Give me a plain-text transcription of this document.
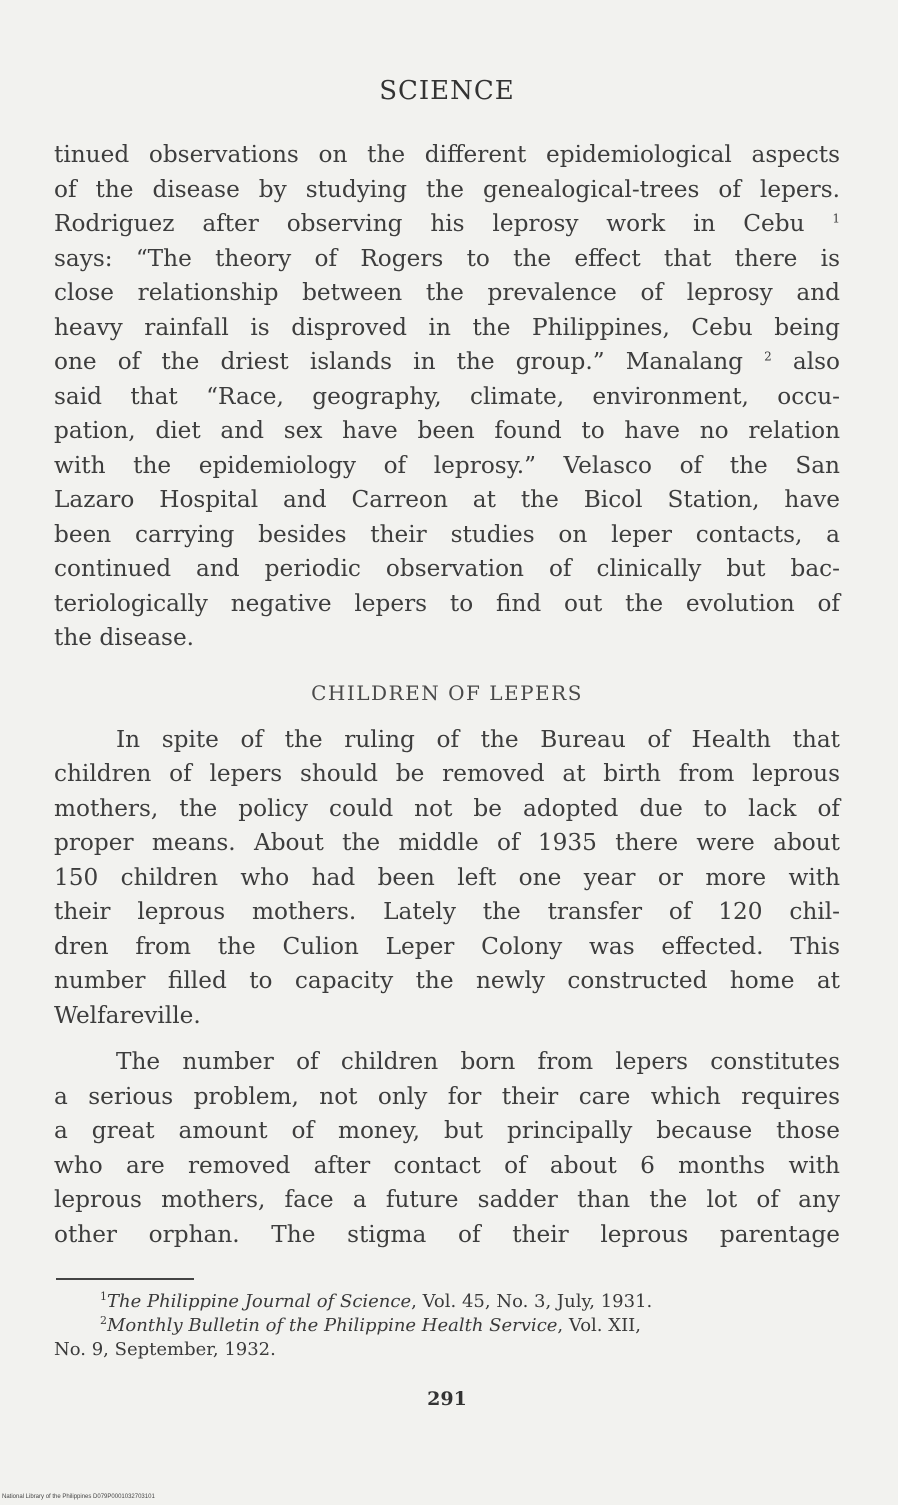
SCIENCE

tinued observations on the different epidemiological aspects
of the disease by studying the genealogical-trees of lepers.
Rodriguez after observing his leprosy work in Cebu $^1$
says: “The theory of Rogers to the effect that there is
close relationship between the prevalence of leprosy and
heavy rainfall is disproved in the Philippines, Cebu being
one of the driest islands in the group.” Manalang $^2$ also
said that “Race, geography, climate, environment, occu-
pation, diet and sex have been found to have no relation
with the epidemiology of leprosy.” Velasco of the San
Lazaro Hospital and Carreon at the Bicol Station, have
been carrying besides their studies on leper contacts, a
continued and periodic observation of clinically but bac-
teriologically negative lepers to find out the evolution of
the disease.

CHILDREN OF LEPERS

In spite of the ruling of the Bureau of Health that
children of lepers should be removed at birth from leprous
mothers, the policy could not be adopted due to lack of
proper means. About the middle of 1935 there were about
150 children who had been left one year or more with
their leprous mothers. Lately the transfer of 120 chil-
dren from the Culion Leper Colony was effected. This
number filled to capacity the newly constructed home at
Welfareville.

The number of children born from lepers constitutes
a serious problem, not only for their care which requires
a great amount of money, but principally because those
who are removed after contact of about 6 months with
leprous mothers, face a future sadder than the lot of any
other orphan. The stigma of their leprous parentage

$^1$The Philippine Journal of Science, Vol. 45, No. 3, July, 1931.
$^2$Monthly Bulletin of the Philippine Health Service, Vol. XII,
No. 9, September, 1932.
291
National Library of the Philippines D079P0001032703101
